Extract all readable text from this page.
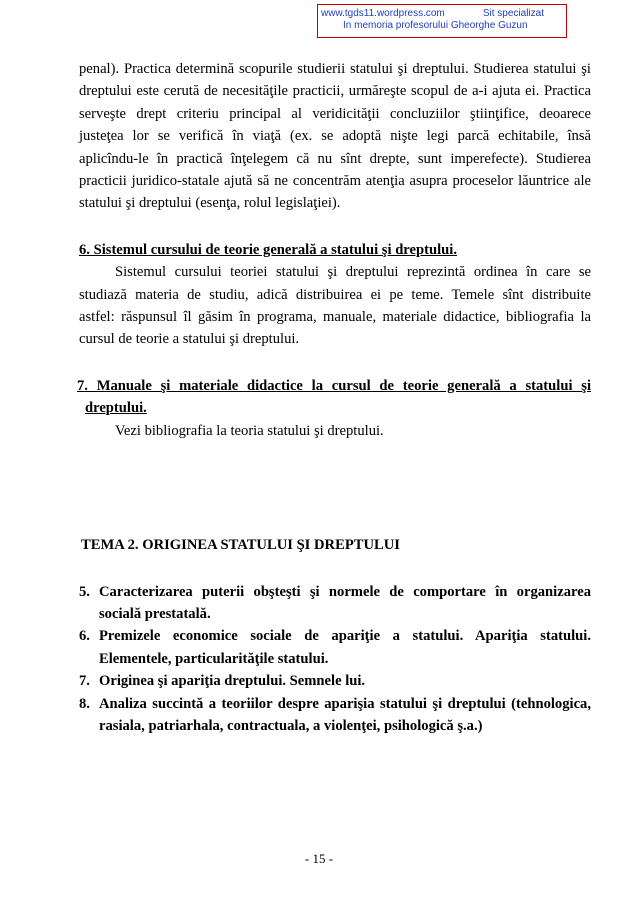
www.tgds11.wordpress.com	Sit specializat
In memoria profesorului Gheorghe Guzun

penal). Practica determină scopurile studierii statului şi dreptului. Studierea statului şi

dreptului este cerută de necesităţile practicii, urmăreşte scopul de a-i ajuta ei. Practica

serveşte drept criteriu principal al veridicităţii concluziilor ştiinţifice, deoarece

justeţea lor se verifică în viaţă (ex. se adoptă nişte legi parcă echitabile, însă

aplicîndu-le în practică înţelegem că nu sînt drepte, sunt imperefecte). Studierea

practicii juridico-statale ajută să ne concentrăm atenţia asupra proceselor lăuntrice ale

statului şi dreptului (esenţa, rolul legislaţiei).

6. Sistemul cursului de teorie generală a statului şi dreptului.

Sistemul cursului teoriei statului şi dreptului reprezintă ordinea în care se

studiază materia de studiu, adică distribuirea ei pe teme. Temele sînt distribuite

astfel: răspunsul îl găsim în programa, manuale, materiale didactice, bibliografia la

cursul de teorie a statului şi dreptului.

7. Manuale şi materiale didactice la cursul de teorie generală a statului şi

dreptului.

Vezi bibliografia la teoria statului şi dreptului.

TEMA 2. ORIGINEA STATULUI ŞI DREPTULUI

5. Caracterizarea puterii obşteşti şi normele de comportare în organizarea
socială prestatală.
6. Premizele economice sociale de apariţie a statului. Apariţia statului.
Elementele, particularităţile statului.
7. Originea şi apariţia dreptului. Semnele lui.
8. Analiza succintă a teoriilor despre aparişia statului şi dreptului (tehnologica,
rasiala, patriarhala, contractuala, a violenţei, psihologică ş.a.)
- 15 -
